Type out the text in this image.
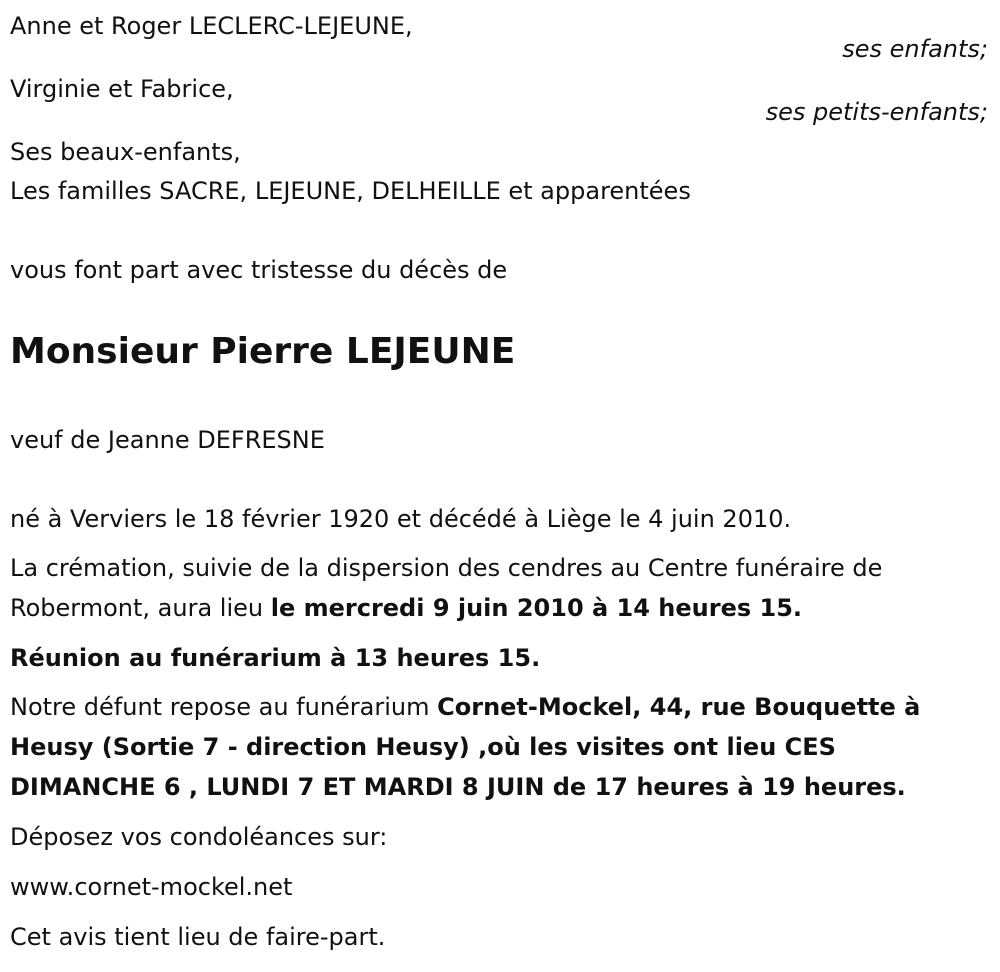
Anne et Roger LECLERC-LEJEUNE,

ses enfants;

Virginie et Fabrice,

ses petits-enfants;

Ses beaux-enfants,

Les familles SACRE, LEJEUNE, DELHEILLE et apparentées

vous font part avec tristesse du décès de

Monsieur Pierre LEJEUNE

veuf de Jeanne DEFRESNE

né à Verviers le 18 février 1920 et décédé à Liège le 4 juin 2010.

La crémation, suivie de la dispersion des cendres au Centre funéraire de

Robermont, aura lieu le mercredi 9 juin 2010 à 14 heures 15.

Réunion au funérarium à 13 heures 15.

Notre défunt repose au funérarium Cornet-Mockel, 44, rue Bouquette à

Heusy (Sortie 7 - direction Heusy) ,où les visites ont lieu CES

DIMANCHE 6 , LUNDI 7 ET MARDI 8 JUIN de 17 heures à 19 heures.

Déposez vos condoléances sur:

www.cornet-mockel.net

Cet avis tient lieu de faire-part.
